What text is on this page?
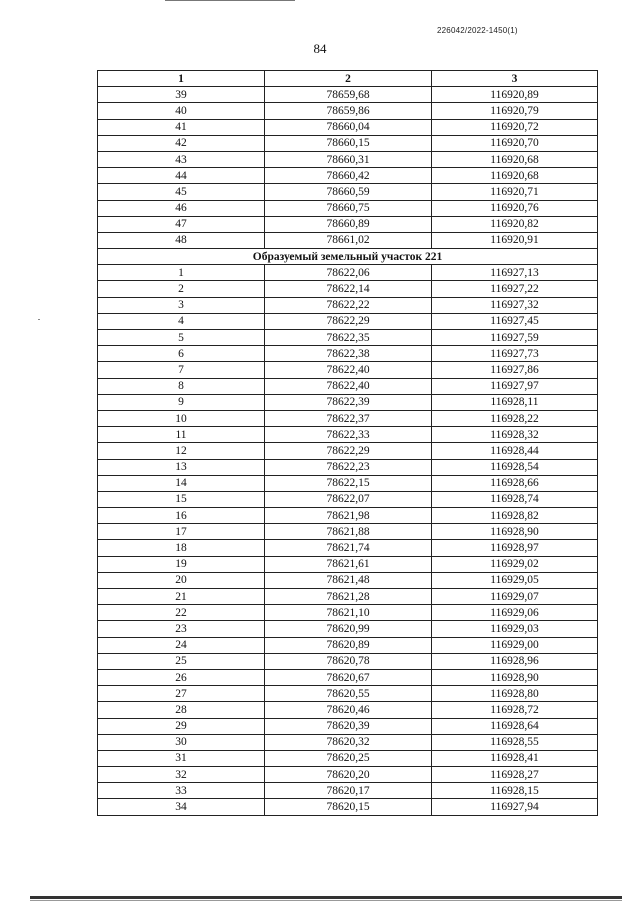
226042/2022-1450(1)
84
1	2	3
39	78659,68	116920,89
40	78659,86	116920,79
41	78660,04	116920,72
42	78660,15	116920,70
43	78660,31	116920,68
44	78660,42	116920,68
45	78660,59	116920,71
46	78660,75	116920,76
47	78660,89	116920,82
48	78661,02	116920,91
Образуемый земельный участок 221		
1	78622,06	116927,13
2	78622,14	116927,22
3	78622,22	116927,32
4	78622,29	116927,45
5	78622,35	116927,59
6	78622,38	116927,73
7	78622,40	116927,86
8	78622,40	116927,97
9	78622,39	116928,11
10	78622,37	116928,22
11	78622,33	116928,32
12	78622,29	116928,44
13	78622,23	116928,54
14	78622,15	116928,66
15	78622,07	116928,74
16	78621,98	116928,82
17	78621,88	116928,90
18	78621,74	116928,97
19	78621,61	116929,02
20	78621,48	116929,05
21	78621,28	116929,07
22	78621,10	116929,06
23	78620,99	116929,03
24	78620,89	116929,00
25	78620,78	116928,96
26	78620,67	116928,90
27	78620,55	116928,80
28	78620,46	116928,72
29	78620,39	116928,64
30	78620,32	116928,55
31	78620,25	116928,41
32	78620,20	116928,27
33	78620,17	116928,15
34	78620,15	116927,94
